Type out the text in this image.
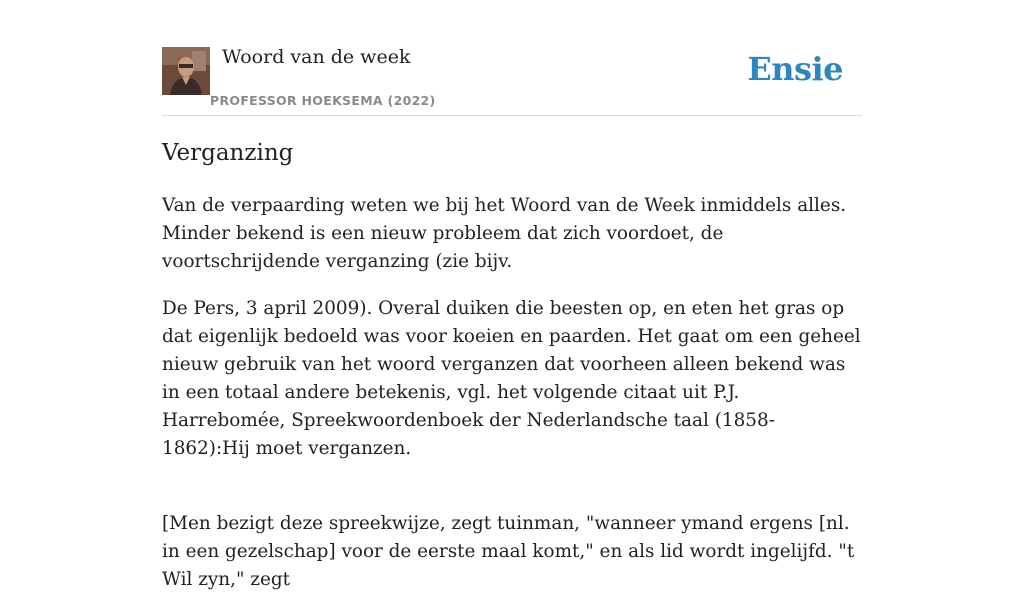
Woord van de week
PROFESSOR HOEKSEMA (2022)
Ensie
Verganzing

Van de verpaarding weten we bij het Woord van de Week inmiddels alles. Minder bekend is een nieuw probleem dat zich voordoet, de voortschrijdende verganzing (zie bijv.

De Pers, 3 april 2009). Overal duiken die beesten op, en eten het gras op dat eigenlijk bedoeld was voor koeien en paarden. Het gaat om een geheel nieuw gebruik van het woord verganzen dat voorheen alleen bekend was in een totaal andere betekenis, vgl. het volgende citaat uit P.J. Harrebomée, Spreekwoordenboek der Nederlandsche taal (1858-1862):Hij moet verganzen.

[Men bezigt deze spreekwijze, zegt tuinman, "wanneer ymand ergens [nl. in een gezelschap] voor de eerste maal komt," en als lid wordt ingelijfd. "t Wil zyn," zegt
